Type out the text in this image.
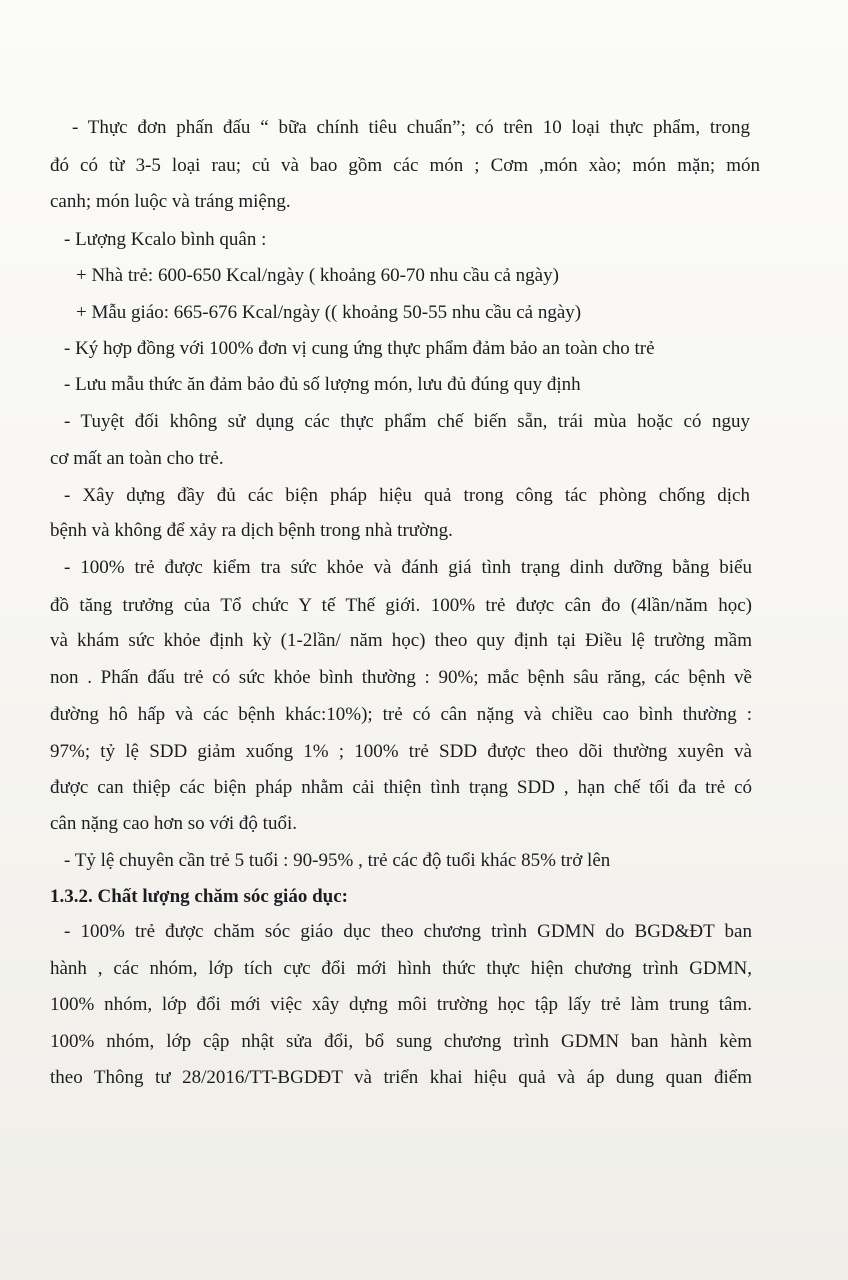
- Thực đơn phấn đấu “ bữa chính tiêu chuẩn”; có trên 10 loại thực phẩm, trong
đó có từ 3-5 loại rau; củ và bao gồm các món ; Cơm ,món xào; món mặn; món
canh; món luộc và tráng miệng.
- Lượng Kcalo bình quân :
+ Nhà trẻ: 600-650 Kcal/ngày ( khoảng 60-70 nhu cầu cả ngày)
+ Mẫu giáo: 665-676 Kcal/ngày (( khoảng 50-55 nhu cầu cả ngày)
- Ký hợp đồng với 100% đơn vị cung ứng thực phẩm đảm bảo an toàn cho trẻ
- Lưu mẫu thức ăn đảm bảo đủ số lượng món, lưu đủ đúng quy định
- Tuyệt đối không sử dụng các thực phẩm chế biến sẵn, trái mùa hoặc có nguy
cơ mất an toàn cho trẻ.
- Xây dựng đầy đủ các biện pháp hiệu quả trong công tác phòng chống dịch
bệnh và không để xảy ra dịch bệnh trong nhà trường.
- 100% trẻ được kiểm tra sức khỏe và đánh giá tình trạng dinh dưỡng bằng biểu
đồ tăng trưởng của Tổ chức Y tế Thế giới. 100% trẻ được cân đo (4lần/năm học)
và khám sức khỏe định kỳ (1-2lần/ năm học) theo quy định tại Điều lệ trường mầm
non . Phấn đấu trẻ có sức khỏe bình thường : 90%; mắc bệnh sâu răng, các bệnh về
đường hô hấp và các bệnh khác:10%); trẻ có cân nặng và chiều cao bình thường :
97%; tỷ lệ SDD giảm xuống 1% ; 100% trẻ SDD được theo dõi thường xuyên và
được can thiệp các biện pháp nhằm cải thiện tình trạng SDD , hạn chế tối đa trẻ có
cân nặng cao hơn so với độ tuổi.
- Tỷ lệ chuyên cần trẻ 5 tuổi : 90-95% , trẻ các độ tuổi khác 85% trở lên
1.3.2. Chất lượng chăm sóc giáo dục:
- 100% trẻ được chăm sóc giáo dục theo chương trình GDMN do BGD&ĐT ban
hành , các nhóm, lớp tích cực đổi mới hình thức thực hiện chương trình GDMN,
100% nhóm, lớp đổi mới việc xây dựng môi trường học tập lấy trẻ làm trung tâm.
100% nhóm, lớp cập nhật sửa đổi, bổ sung chương trình GDMN ban hành kèm
theo Thông tư 28/2016/TT-BGDĐT và triển khai hiệu quả và áp dung quan điểm
